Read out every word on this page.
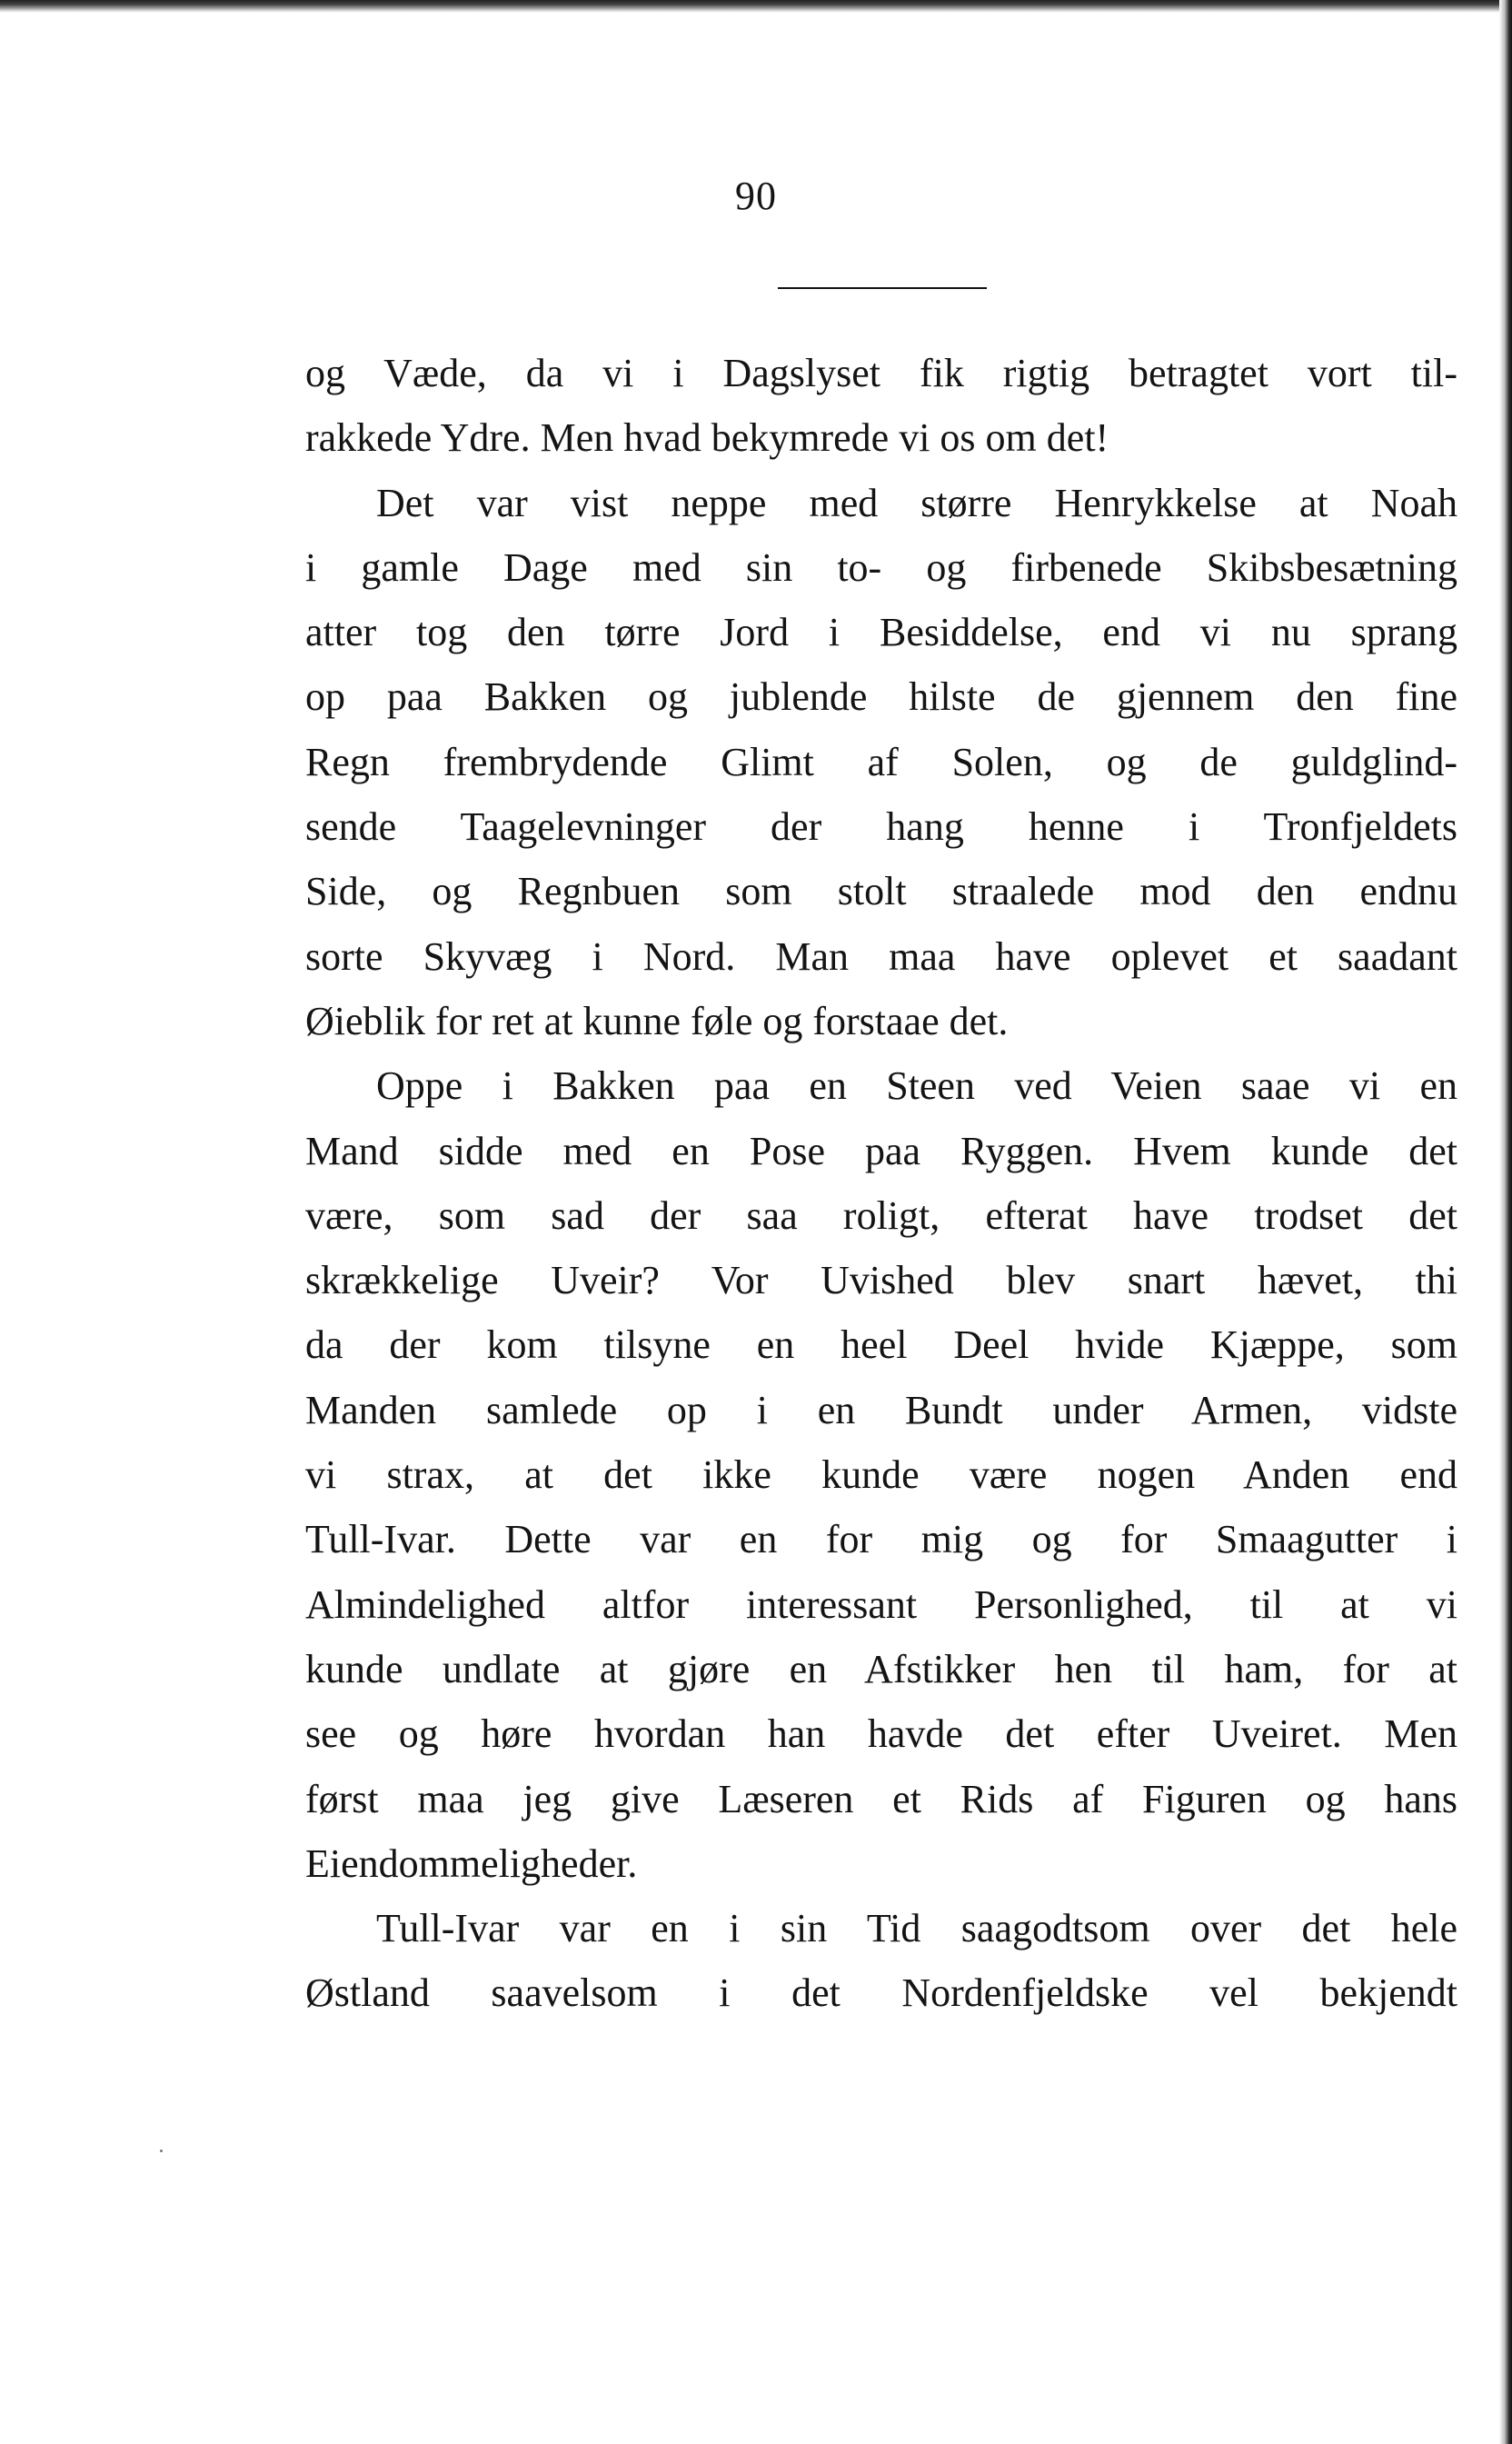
90
og Væde, da vi i Dagslyset fik rigtig betragtet vort til-
rakkede Ydre. Men hvad bekymrede vi os om det!
Det var vist neppe med større Henrykkelse at Noah
i gamle Dage med sin to- og firbenede Skibsbesætning
atter tog den tørre Jord i Besiddelse, end vi nu sprang
op paa Bakken og jublende hilste de gjennem den fine
Regn frembrydende Glimt af Solen, og de guldglind-
sende Taagelevninger der hang henne i Tronfjeldets
Side, og Regnbuen som stolt straalede mod den endnu
sorte Skyvæg i Nord. Man maa have oplevet et saadant
Øieblik for ret at kunne føle og forstaae det.
Oppe i Bakken paa en Steen ved Veien saae vi en
Mand sidde med en Pose paa Ryggen. Hvem kunde det
være, som sad der saa roligt, efterat have trodset det
skrækkelige Uveir? Vor Uvished blev snart hævet, thi
da der kom tilsyne en heel Deel hvide Kjæppe, som
Manden samlede op i en Bundt under Armen, vidste
vi strax, at det ikke kunde være nogen Anden end
Tull-Ivar. Dette var en for mig og for Smaagutter i
Almindelighed altfor interessant Personlighed, til at vi
kunde undlate at gjøre en Afstikker hen til ham, for at
see og høre hvordan han havde det efter Uveiret. Men
først maa jeg give Læseren et Rids af Figuren og hans
Eiendommeligheder.
Tull-Ivar var en i sin Tid saagodtsom over det hele
Østland saavelsom i det Nordenfjeldske vel bekjendt
